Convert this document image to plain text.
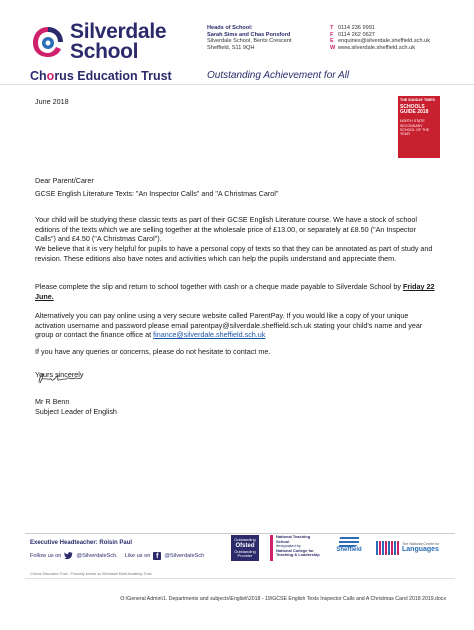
Silverdale
School
Chorus Education Trust
Heads of School:
Sarah Sims and Chas Ponsford
Silverdale School, Bents Crescent
Sheffield, S11 9QH
T 0114 236 9991
F 0114 262 0627
E enquiries@silverdale.sheffield.sch.uk
W www.silverdale.sheffield.sch.uk
Outstanding Achievement for All
THE SUNDAY TIMES
SCHOOLS GUIDE 2018
NORTH STATE SECONDARY SCHOOL OF THE YEAR
June 2018
Dear Parent/Carer
GCSE English Literature Texts: "An Inspector Calls" and "A Christmas Carol"

Your child will be studying these classic texts as part of their GCSE English Literature course. We have a stock of school editions of the texts which we are selling together at the wholesale price of £13.00, or separately at £8.50 ("An Inspector Calls") and £4.50 ("A Christmas Carol").

We believe that it is very helpful for pupils to have a personal copy of texts so that they can be annotated as part of study and revision. These editions also have notes and activities which can help the pupils understand and appreciate them.

Please complete the slip and return to school together with cash or a cheque made payable to Silverdale School by Friday 22 June.

Alternatively you can pay online using a very secure website called ParentPay. If you would like a copy of your unique activation username and password please email parentpay@silverdale.sheffield.sch.uk stating your child's name and year group or contact the finance office at finance@silverdale.sheffield.sch.uk

If you have any queries or concerns, please do not hesitate to contact me.

Yours sincerely

Mr R Benn
Subject Leader of English
Executive Headteacher: Roisin Paul
Follow us on	@SilverdaleSch. Like us on f	@SilverdaleSch
Outstanding
Ofsted
Outstanding Provider
National Teaching School
designated by
National College for Teaching & Leadership
Sheffield
The National Centre for
Languages
Chorus Education Trust - Formerly known as Silverdale Multi-Academy Trust
O:\General Admin\1. Departments and subjects\English\2018 - 19\GCSE English Texts Inspector Calls and A Christmas Carol 2018 2019.docx
